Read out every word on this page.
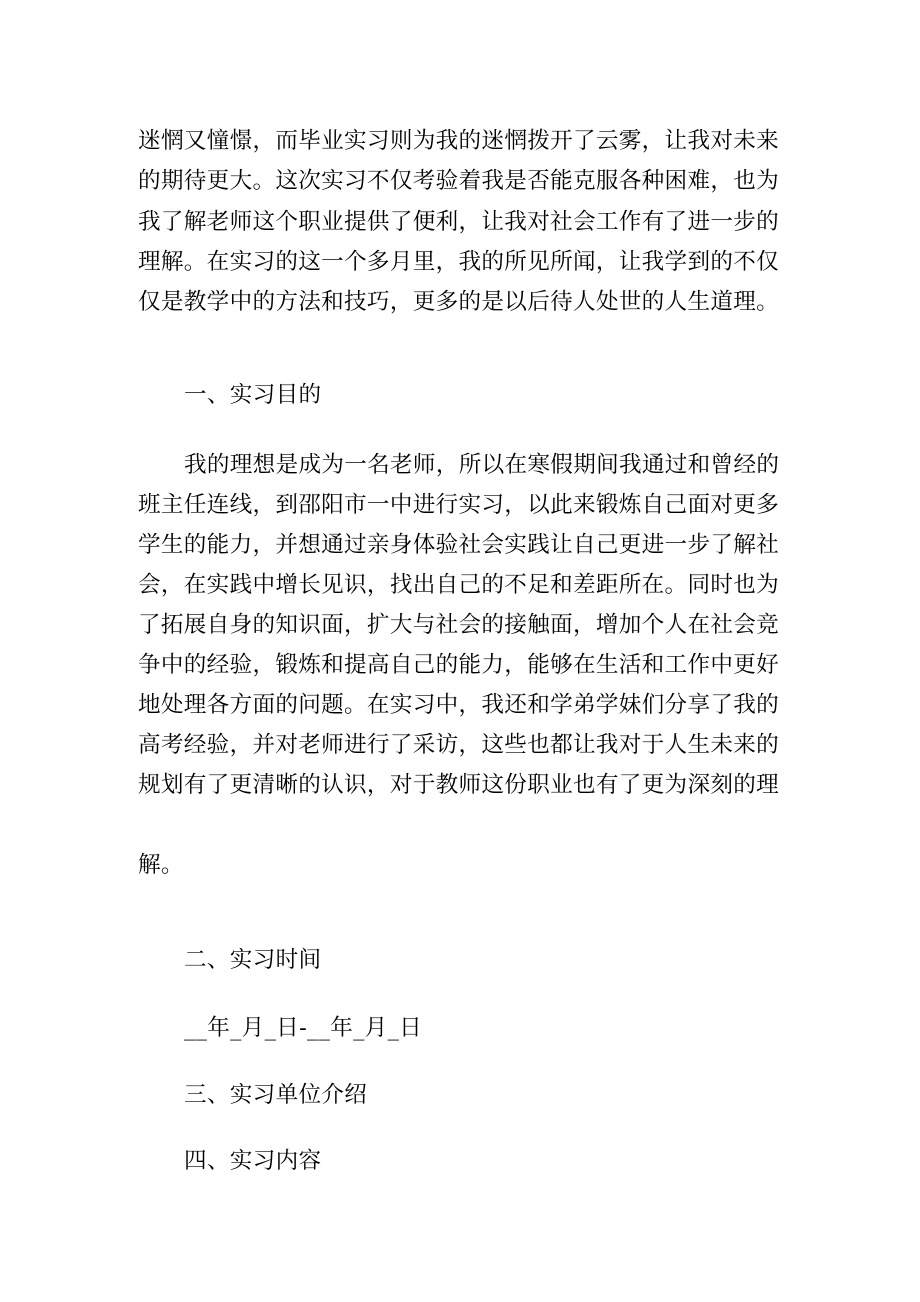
迷惘又憧憬，而毕业实习则为我的迷惘拨开了云雾，让我对未来
的期待更大。这次实习不仅考验着我是否能克服各种困难，也为
我了解老师这个职业提供了便利，让我对社会工作有了进一步的
理解。在实习的这一个多月里，我的所见所闻，让我学到的不仅
仅是教学中的方法和技巧，更多的是以后待人处世的人生道理。
一、实习目的
我的理想是成为一名老师，所以在寒假期间我通过和曾经的
班主任连线，到邵阳市一中进行实习，以此来锻炼自己面对更多
学生的能力，并想通过亲身体验社会实践让自己更进一步了解社
会，在实践中增长见识，找出自己的不足和差距所在。同时也为
了拓展自身的知识面，扩大与社会的接触面，增加个人在社会竞
争中的经验，锻炼和提高自己的能力，能够在生活和工作中更好
地处理各方面的问题。在实习中，我还和学弟学妹们分享了我的
高考经验，并对老师进行了采访，这些也都让我对于人生未来的
规划有了更清晰的认识，对于教师这份职业也有了更为深刻的理
解。
二、实习时间
__年_月_日-__年_月_日
三、实习单位介绍
四、实习内容
